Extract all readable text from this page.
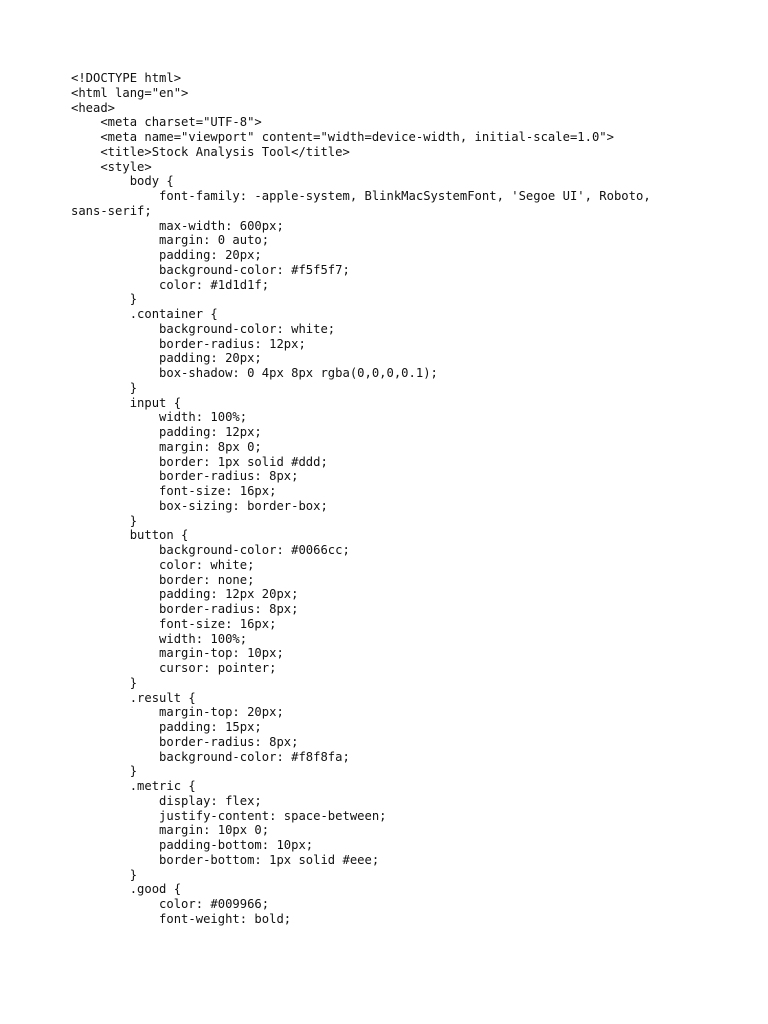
<!DOCTYPE html>
<html lang="en">
<head>
<meta charset="UTF-8">
<meta name="viewport" content="width=device-width, initial-scale=1.0">
<title>Stock Analysis Tool</title>
<style>
body {
font-family: -apple-system, BlinkMacSystemFont, 'Segoe UI', Roboto,
sans-serif;
max-width: 600px;
margin: 0 auto;
padding: 20px;
background-color: #f5f5f7;
color: #1d1d1f;
}
.container {
background-color: white;
border-radius: 12px;
padding: 20px;
box-shadow: 0 4px 8px rgba(0,0,0,0.1);
}
input {
width: 100%;
padding: 12px;
margin: 8px 0;
border: 1px solid #ddd;
border-radius: 8px;
font-size: 16px;
box-sizing: border-box;
}
button {
background-color: #0066cc;
color: white;
border: none;
padding: 12px 20px;
border-radius: 8px;
font-size: 16px;
width: 100%;
margin-top: 10px;
cursor: pointer;
}
.result {
margin-top: 20px;
padding: 15px;
border-radius: 8px;
background-color: #f8f8fa;
}
.metric {
display: flex;
justify-content: space-between;
margin: 10px 0;
padding-bottom: 10px;
border-bottom: 1px solid #eee;
}
.good {
color: #009966;
font-weight: bold;
